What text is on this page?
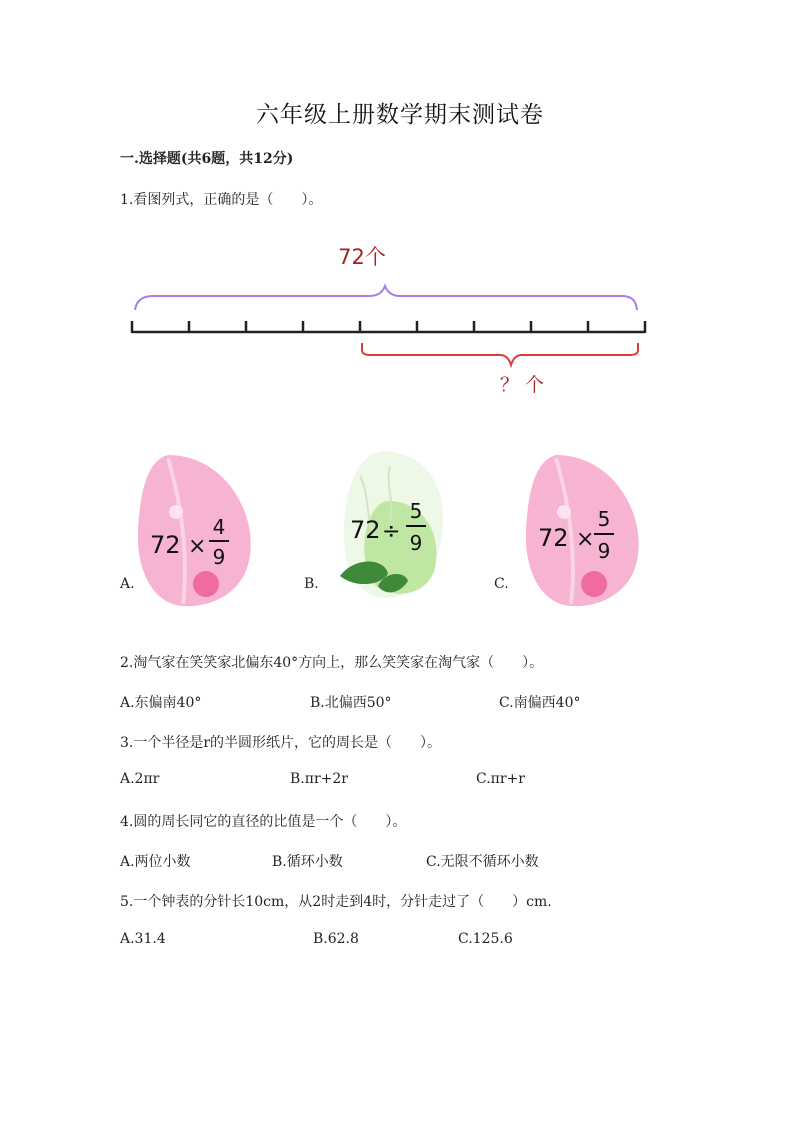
六年级上册数学期末测试卷
一.选择题(共6题，共12分)
1.看图列式，正确的是（　　）。
72个
？ 个
A.
72 ×
4
9
B.
72 ÷
5
9
C.
72 ×
5
9
2.淘气家在笑笑家北偏东40°方向上，那么笑笑家在淘气家（　　）。
A.东偏南40°	B.北偏西50°	C.南偏西40°
3.一个半径是r的半圆形纸片，它的周长是（　　）。
A.2πr	B.πr+2r	C.πr+r
4.圆的周长同它的直径的比值是一个（　　）。
A.两位小数	B.循环小数	C.无限不循环小数
5.一个钟表的分针长10cm，从2时走到4时，分针走过了（　　）cm.
A.31.4	B.62.8	C.125.6
